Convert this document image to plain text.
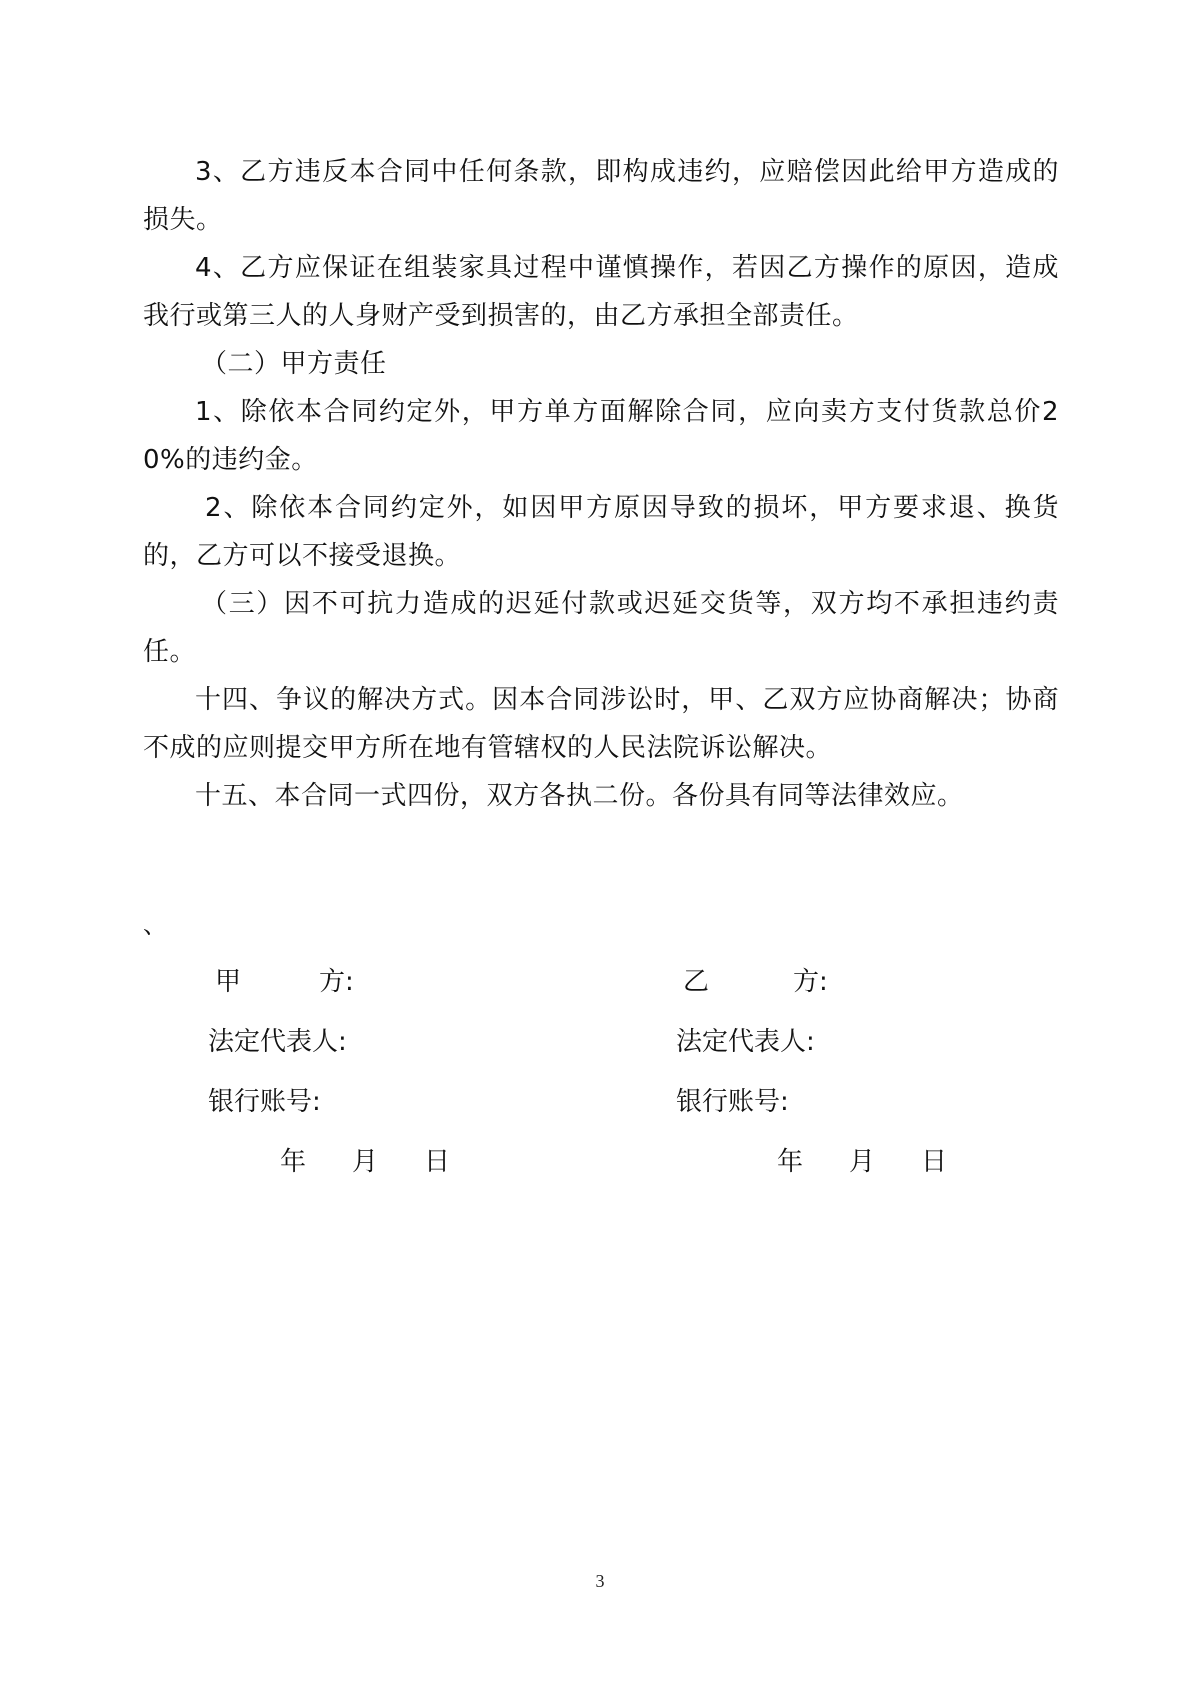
3、乙方违反本合同中任何条款，即构成违约，应赔偿因此给甲方造成的损失。

4、乙方应保证在组装家具过程中谨慎操作，若因乙方操作的原因，造成我行或第三人的人身财产受到损害的，由乙方承担全部责任。

（二）甲方责任

1、除依本合同约定外，甲方单方面解除合同，应向卖方支付货款总价20%的违约金。

2、除依本合同约定外，如因甲方原因导致的损坏，甲方要求退、换货的，乙方可以不接受退换。

（三）因不可抗力造成的迟延付款或迟延交货等，双方均不承担违约责任。

十四、争议的解决方式。因本合同涉讼时，甲、乙双方应协商解决；协商不成的应则提交甲方所在地有管辖权的人民法院诉讼解决。

十五、本合同一式四份，双方各执二份。各份具有同等法律效应。

、
甲	方:
法定代表人:
银行账号:
年 月 日
乙	方:
法定代表人:
银行账号:
年 月 日
3
